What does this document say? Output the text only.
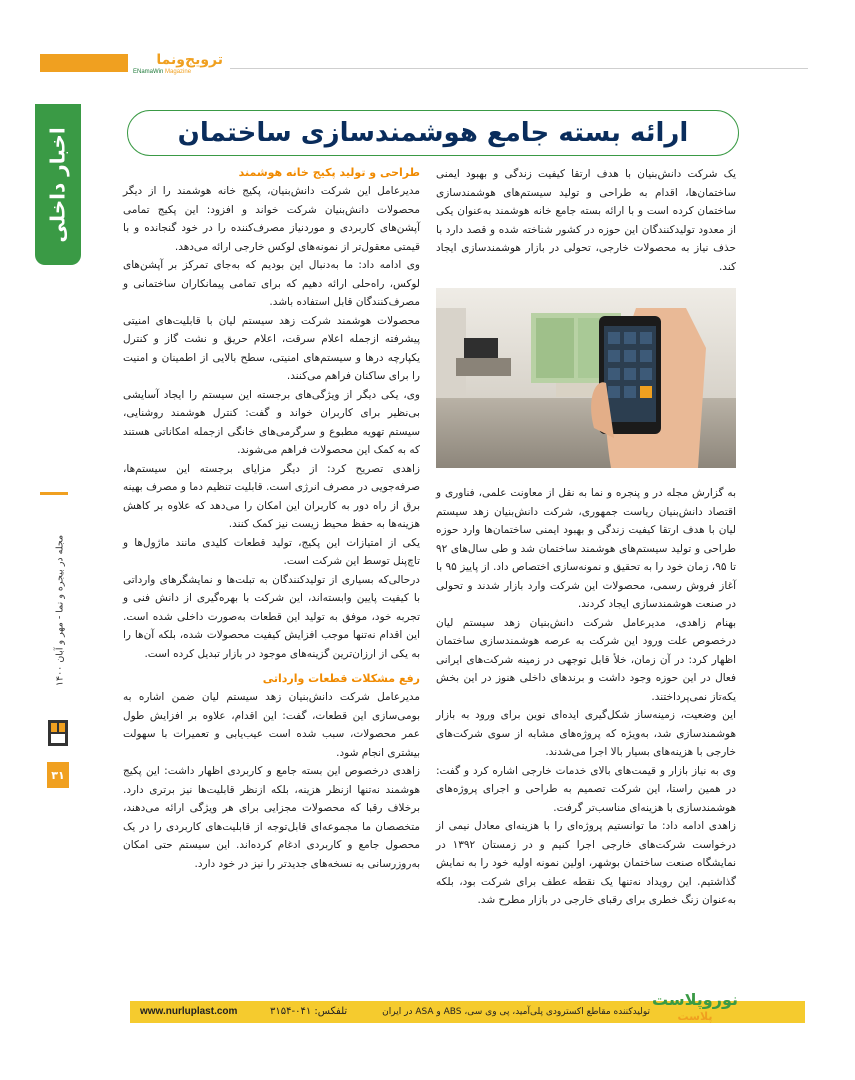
ترویج‌ونما
ENamaWin Magazine
اخبار داخلی
مجله در بیجره و نما - مهر و آبان ۱۴۰۰
۳۱
ارائه بسته جامع هوشمندسازی ساختمان

یک شرکت دانش‌بنیان با هدف ارتقا کیفیت زندگی و بهبود ایمنی ساختمان‌ها، اقدام به طراحی و تولید سیستم‌های هوشمندسازی ساختمان کرده است و با ارائه بسته جامع خانه هوشمند به‌عنوان یکی از معدود تولیدکنندگان این حوزه در کشور شناخته شده و قصد دارد با حذف نیاز به محصولات خارجی، تحولی در بازار هوشمندسازی ایجاد کند.

به گزارش مجله در و پنجره و نما به نقل از معاونت علمی، فناوری و اقتصاد دانش‌بنیان ریاست جمهوری، شرکت دانش‌بنیان زهد سیستم لیان با هدف ارتقا کیفیت زندگی و بهبود ایمنی ساختمان‌ها وارد حوزه طراحی و تولید سیستم‌های هوشمند ساختمان شد و طی سال‌های ۹۲ تا ۹۵، زمان خود را به تحقیق و نمونه‌سازی اختصاص داد. از پاییز ۹۵ با آغاز فروش رسمی، محصولات این شرکت وارد بازار شدند و تحولی در صنعت هوشمندسازی ایجاد کردند.

بهنام زاهدی، مدیرعامل شرکت دانش‌بنیان زهد سیستم لیان درخصوص علت ورود این شرکت به عرصه هوشمندسازی ساختمان اظهار کرد: در آن زمان، خلأ قابل توجهی در زمینه شرکت‌های ایرانی فعال در این حوزه وجود داشت و برندهای داخلی هنوز در این بخش یکه‌تاز نمی‌پرداختند.

این وضعیت، زمینه‌ساز شکل‌گیری ایده‌ای نوین برای ورود به بازار هوشمندسازی شد، به‌ویژه که پروژه‌های مشابه از سوی شرکت‌های خارجی با هزینه‌های بسیار بالا اجرا می‌شدند.

وی به نیاز بازار و قیمت‌های بالای خدمات خارجی اشاره کرد و گفت: در همین راستا، این شرکت تصمیم به طراحی و اجرای پروژه‌های هوشمندسازی با هزینه‌ای مناسب‌تر گرفت.

زاهدی ادامه داد: ما توانستیم پروژه‌ای را با هزینه‌ای معادل نیمی از درخواست شرکت‌های خارجی اجرا کنیم و در زمستان ۱۳۹۲ در نمایشگاه صنعت ساختمان بوشهر، اولین نمونه اولیه خود را به نمایش گذاشتیم. این رویداد نه‌تنها یک نقطه عطف برای شرکت بود، بلکه به‌عنوان زنگ خطری برای رقبای خارجی در بازار مطرح شد.

طراحی و تولید پکیج خانه هوشمند

مدیرعامل این شرکت دانش‌بنیان، پکیج خانه هوشمند را از دیگر محصولات دانش‌بنیان شرکت خواند و افزود: این پکیج تمامی آپشن‌های کاربردی و موردنیاز مصرف‌کننده را در خود گنجانده و با قیمتی معقول‌تر از نمونه‌های لوکس خارجی ارائه می‌دهد.

وی ادامه داد: ما به‌دنبال این بودیم که به‌جای تمرکز بر آپشن‌های لوکس، راه‌حلی ارائه دهیم که برای تمامی پیمانکاران ساختمانی و مصرف‌کنندگان قابل استفاده باشد.

محصولات هوشمند شرکت زهد سیستم لیان با قابلیت‌های امنیتی پیشرفته ازجمله اعلام سرقت، اعلام حریق و نشت گاز و کنترل یکپارچه درها و سیستم‌های امنیتی، سطح بالایی از اطمینان و امنیت را برای ساکنان فراهم می‌کنند.

وی، یکی دیگر از ویژگی‌های برجسته این سیستم را ایجاد آسایشی بی‌نظیر برای کاربران خواند و گفت: کنترل هوشمند روشنایی، سیستم تهویه مطبوع و سرگرمی‌های خانگی ازجمله امکاناتی هستند که به کمک این محصولات فراهم می‌شوند.

زاهدی تصریح کرد: از دیگر مزایای برجسته این سیستم‌ها، صرفه‌جویی در مصرف انرژی است. قابلیت تنظیم دما و مصرف بهینه برق از راه دور به کاربران این امکان را می‌دهد که علاوه بر کاهش هزینه‌ها به حفظ محیط زیست نیز کمک کنند.

یکی از امتیازات این پکیج، تولید قطعات کلیدی مانند ماژول‌ها و تاچ‌پنل توسط این شرکت است.

درحالی‌که بسیاری از تولیدکنندگان به تبلت‌ها و نمایشگرهای وارداتی با کیفیت پایین وابسته‌اند، این شرکت با بهره‌گیری از دانش فنی و تجربه خود، موفق به تولید این قطعات به‌صورت داخلی شده است. این اقدام نه‌تنها موجب افزایش کیفیت محصولات شده، بلکه آن‌ها را به یکی از ارزان‌ترین گزینه‌های موجود در بازار تبدیل کرده است.

رفع مشکلات قطعات وارداتی

مدیرعامل شرکت دانش‌بنیان زهد سیستم لیان ضمن اشاره به بومی‌سازی این قطعات، گفت: این اقدام، علاوه بر افزایش طول عمر محصولات، سبب شده است عیب‌یابی و تعمیرات با سهولت بیشتری انجام شود.

زاهدی درخصوص این بسته جامع و کاربردی اظهار داشت: این پکیج هوشمند نه‌تنها ازنظر هزینه، بلکه ازنظر قابلیت‌ها نیز برتری دارد. برخلاف رقبا که محصولات مجزایی برای هر ویژگی ارائه می‌دهند، متخصصان ما مجموعه‌ای قابل‌توجه از قابلیت‌های کاربردی را در یک محصول جامع و کاربردی ادغام کرده‌اند. این سیستم حتی امکان به‌روزرسانی به نسخه‌های جدیدتر را نیز در خود دارد.

www.nurluplast.com	تلفکس: ۰۴۱-۳۱۵۴	تولیدکننده مقاطع اکسترودی پلی‌آمید، پی وی سی، ABS و ASA در ایران
نوروپلاست
پلاست
